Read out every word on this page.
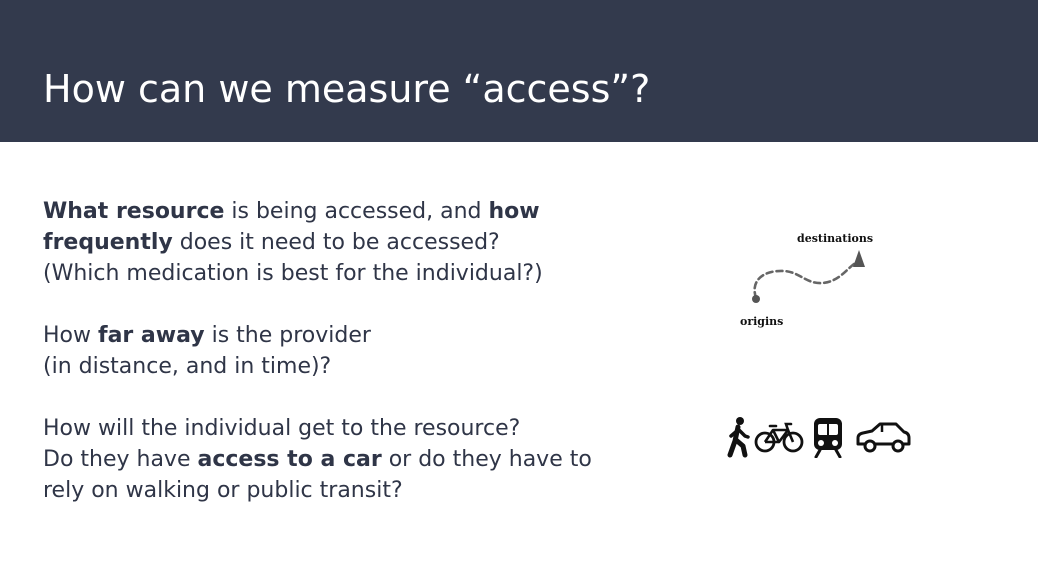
How can we measure “access”?

What resource is being accessed, and how
frequently does it need to be accessed?
(Which medication is best for the individual?)

How far away is the provider
(in distance, and in time)?

How will the individual get to the resource?
Do they have access to a car or do they have to
rely on walking or public transit?

destinations
origins
